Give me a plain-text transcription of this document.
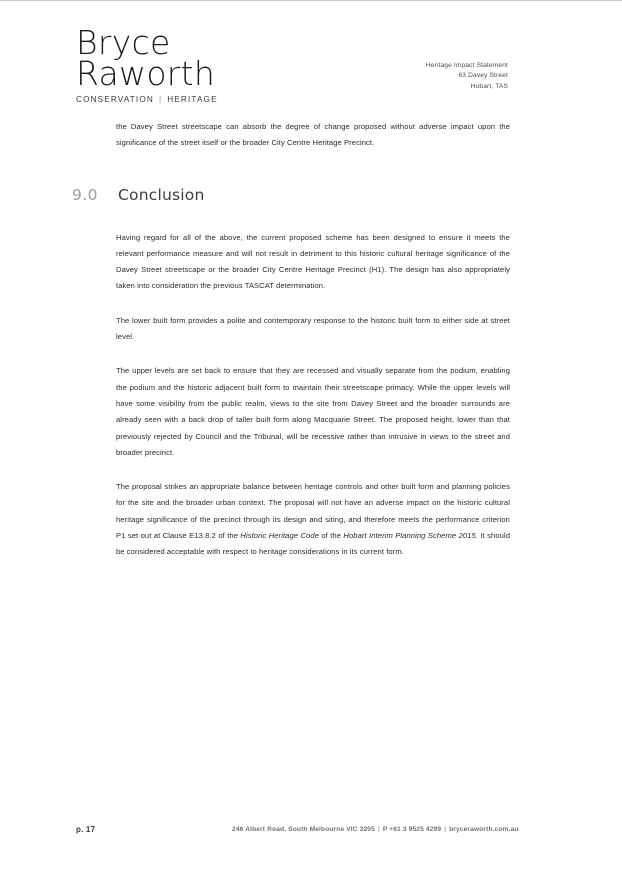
Bryce
Raworth
CONSERVATION | HERITAGE
Heritage Impact Statement
63 Davey Street
Hobart, TAS

the Davey Street streetscape can absorb the degree of change proposed without adverse impact upon the significance of the street itself or the broader City Centre Heritage Precinct.

9.0 Conclusion

Having regard for all of the above, the current proposed scheme has been designed to ensure it meets the relevant performance measure and will not result in detriment to this historic cultural heritage significance of the Davey Street streetscape or the broader City Centre Heritage Precinct (H1). The design has also appropriately taken into consideration the previous TASCAT determination.

The lower built form provides a polite and contemporary response to the historic built form to either side at street level.

The upper levels are set back to ensure that they are recessed and visually separate from the podium, enabling the podium and the historic adjacent built form to maintain their streetscape primacy. While the upper levels will have some visibility from the public realm, views to the site from Davey Street and the broader surrounds are already seen with a back drop of taller built form along Macquarie Street. The proposed height, lower than that previously rejected by Council and the Tribunal, will be recessive rather than intrusive in views to the street and broader precinct.

The proposal strikes an appropriate balance between heritage controls and other built form and planning policies for the site and the broader urban context. The proposal will not have an adverse impact on the historic cultural heritage significance of the precinct through its design and siting, and therefore meets the performance criterion P1 set out at Clause E13.8.2 of the Historic Heritage Code of the Hobart Interim Planning Scheme 2015. It should be considered acceptable with respect to heritage considerations in its current form.

p. 17	246 Albert Road, South Melbourne VIC 3205 | P +61 3 9525 4299 | bryceraworth.com.au
